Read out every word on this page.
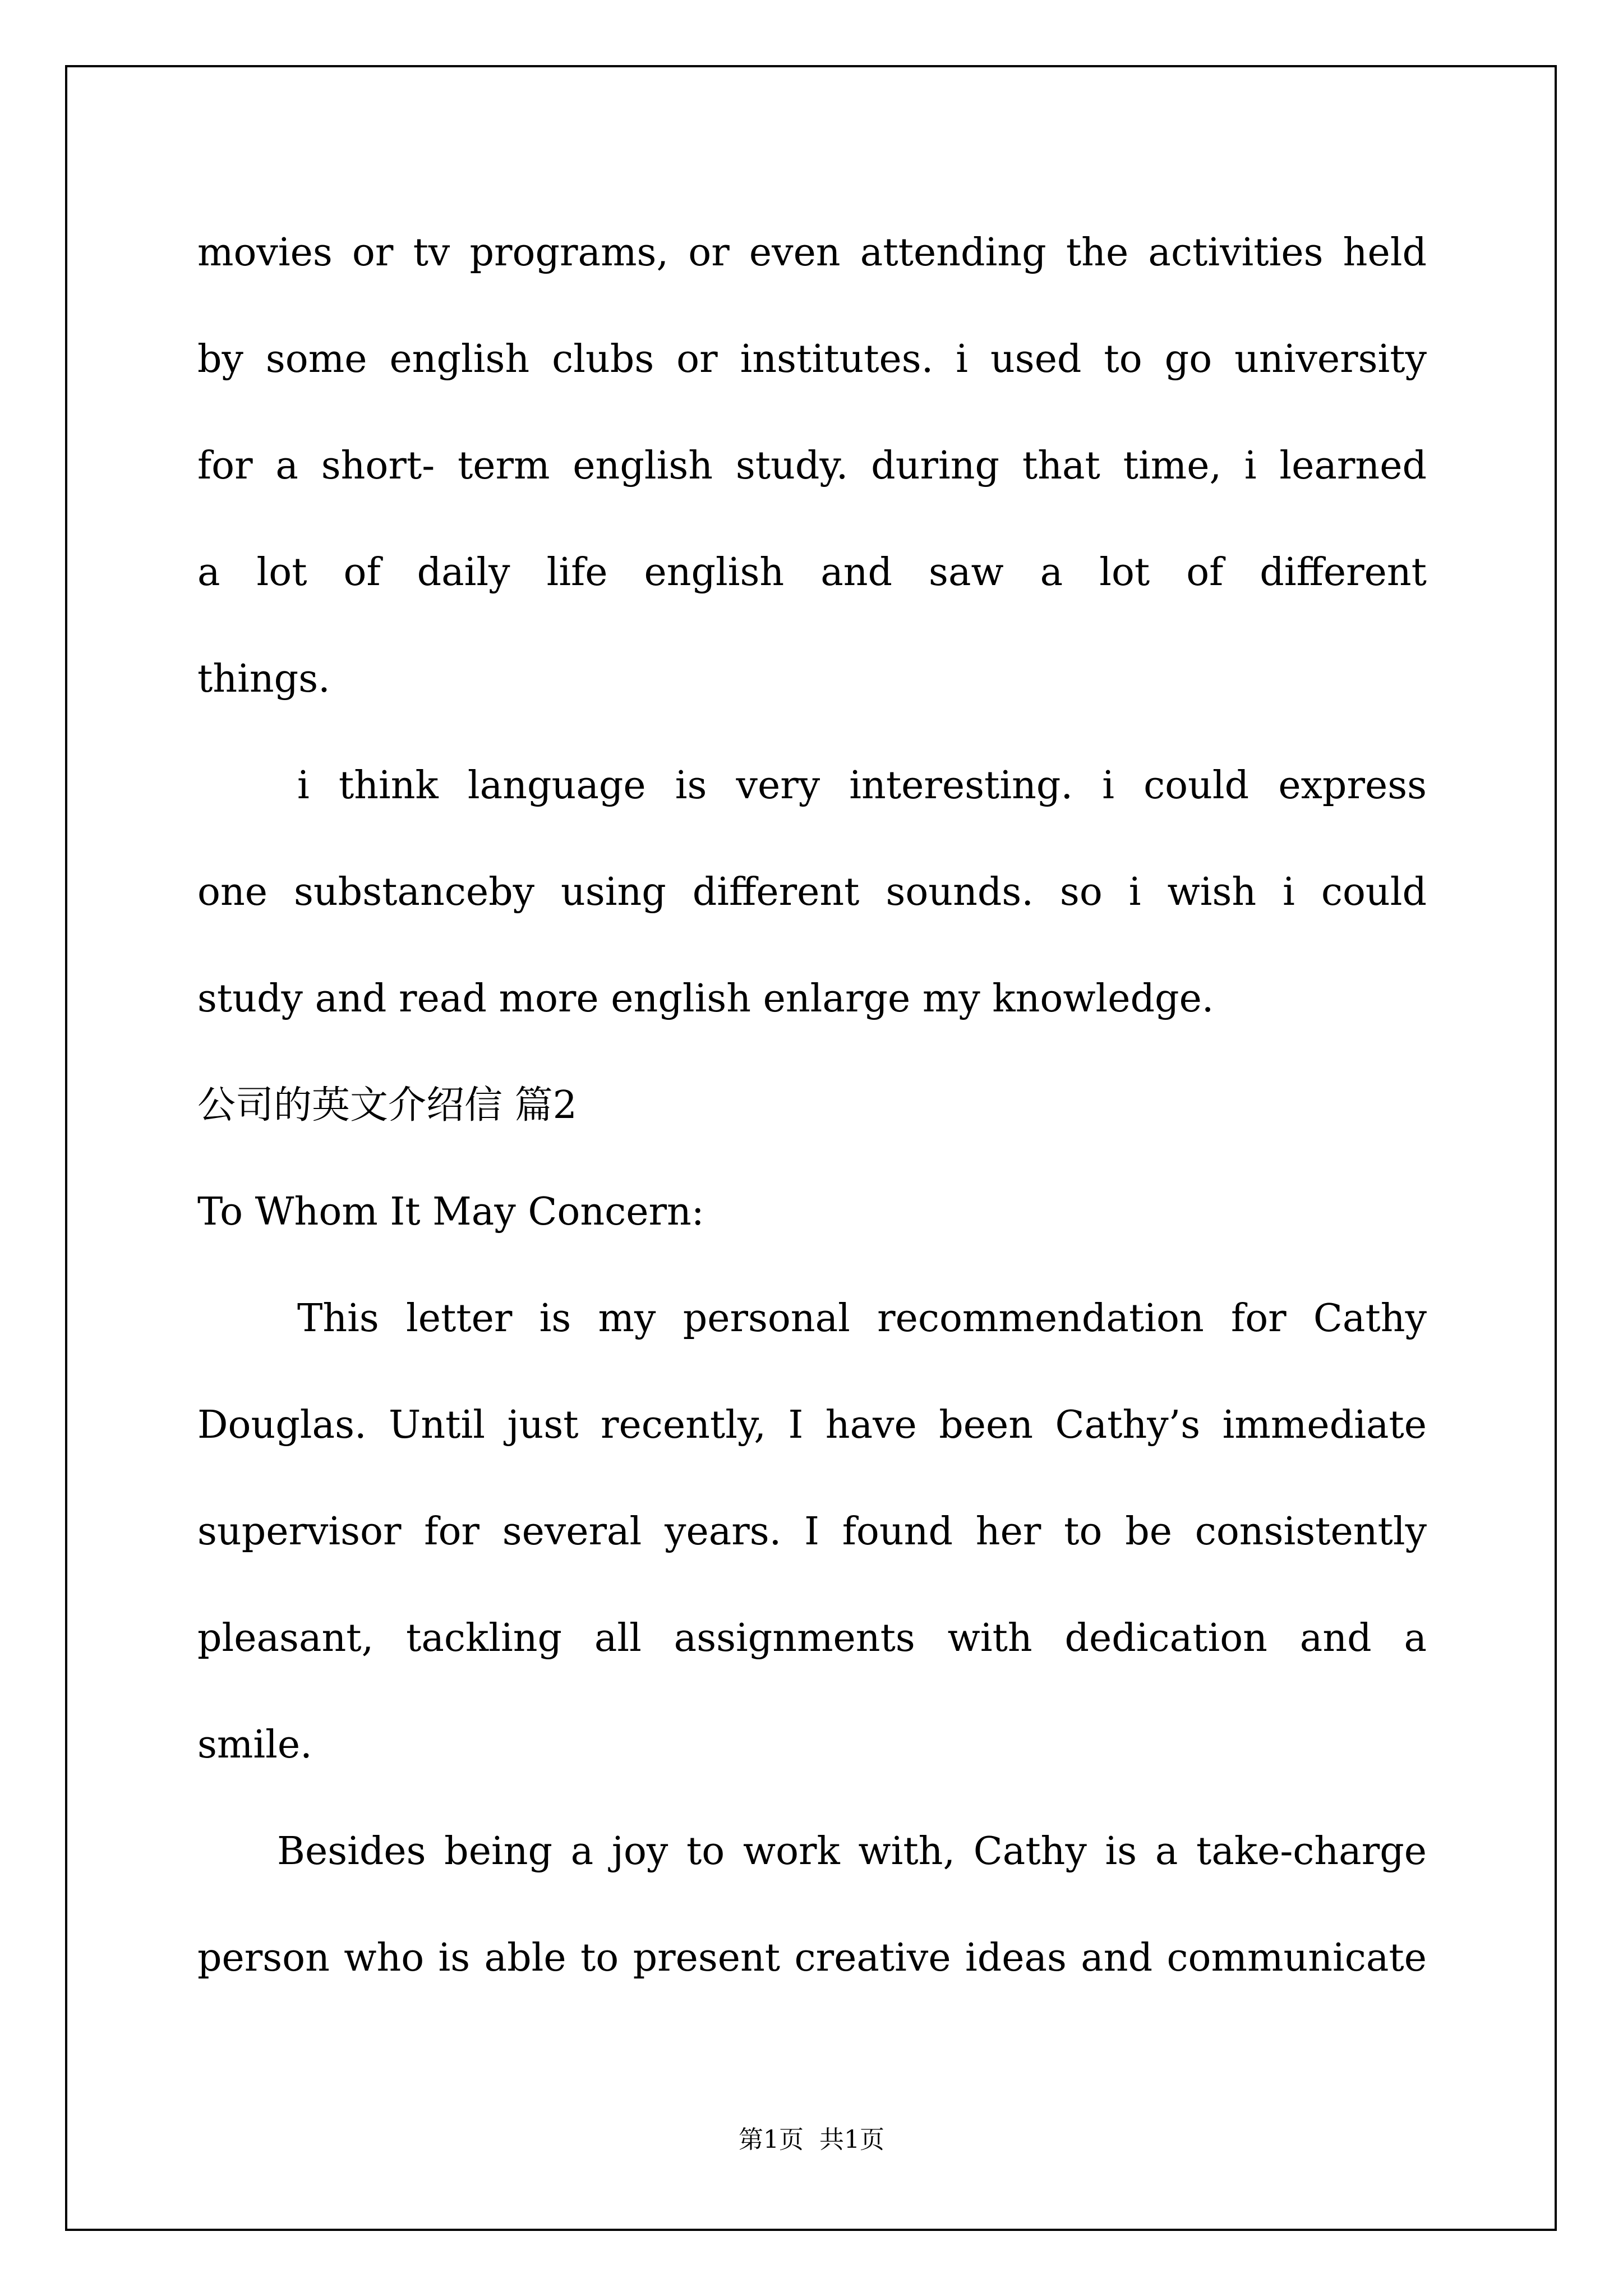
movies or tv programs, or even attending the activities held
by some english clubs or institutes. i used to go university
for a short- term english study. during that time, i learned
a lot of daily life english and saw a lot of different
things.
i think language is very interesting. i could express
one substanceby using different sounds. so i wish i could
study and read more english enlarge my knowledge.
公司的英文介绍信 篇2
To Whom It May Concern:
This letter is my personal recommendation for Cathy
Douglas. Until just recently, I have been Cathy’s immediate
supervisor for several years. I found her to be consistently
pleasant, tackling all assignments with dedication and a
smile.
Besides being a joy to work with, Cathy is a take-charge
person who is able to present creative ideas and communicate
第1页  共1页
